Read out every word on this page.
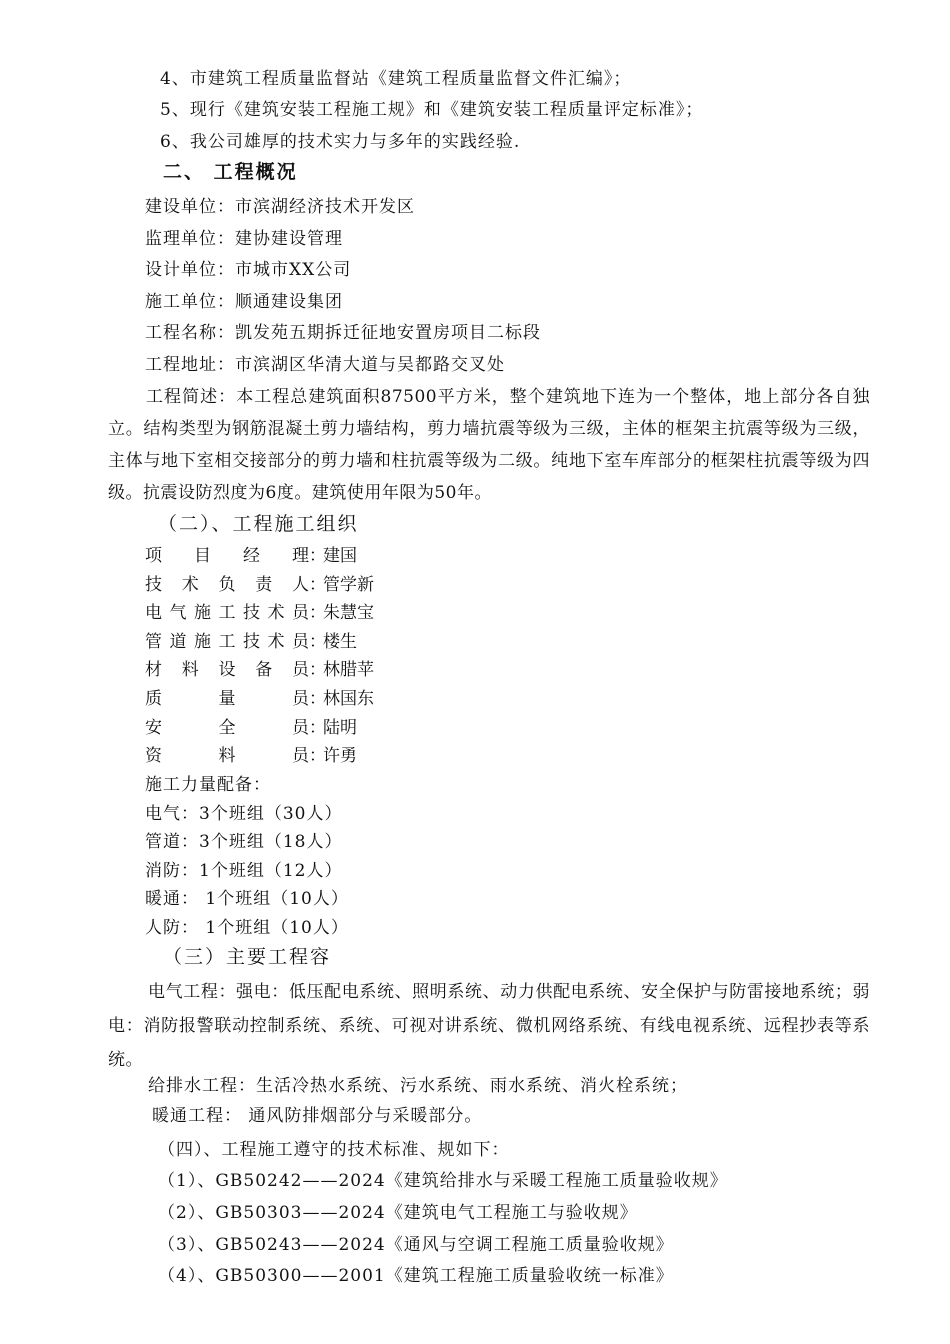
4、市建筑工程质量监督站《建筑工程质量监督文件汇编》；
5、现行《建筑安装工程施工规》和《建筑安装工程质量评定标准》；
6、我公司雄厚的技术实力与多年的实践经验.
二、 工程概况
建设单位：市滨湖经济技术开发区
监理单位：建协建设管理
设计单位：市城市XX公司
施工单位：顺通建设集团
工程名称：凯发苑五期拆迁征地安置房项目二标段
工程地址：市滨湖区华清大道与吴都路交叉处
工程简述：本工程总建筑面积87500平方米，整个建筑地下连为一个整体，地上部分各自独立。结构类型为钢筋混凝土剪力墙结构，剪力墙抗震等级为三级，主体的框架主抗震等级为三级，主体与地下室相交接部分的剪力墙和柱抗震等级为二级。纯地下室车库部分的框架柱抗震等级为四级。抗震设防烈度为6度。建筑使用年限为50年。
（二）、工程施工组织
项目经理：建国
技术负责人：管学新
电气施工技术员：朱慧宝
管道施工技术员：楼生
材料设备员：林腊苹
质量员：林国东
安全员：陆明
资料员：许勇
施工力量配备：
电气：3个班组（30人）
管道：3个班组（18人）
消防：1个班组（12人）
暖通： 1个班组（10人）
人防： 1个班组（10人）
（三）主要工程容
电气工程：强电：低压配电系统、照明系统、动力供配电系统、安全保护与防雷接地系统；弱电：消防报警联动控制系统、系统、可视对讲系统、微机网络系统、有线电视系统、远程抄表等系统。
给排水工程：生活冷热水系统、污水系统、雨水系统、消火栓系统；
暖通工程： 通风防排烟部分与采暖部分。
（四）、工程施工遵守的技术标准、规如下：
（1）、GB50242——2024《建筑给排水与采暖工程施工质量验收规》
（2）、GB50303——2024《建筑电气工程施工与验收规》
（3）、GB50243——2024《通风与空调工程施工质量验收规》
（4）、GB50300——2001《建筑工程施工质量验收统一标准》
